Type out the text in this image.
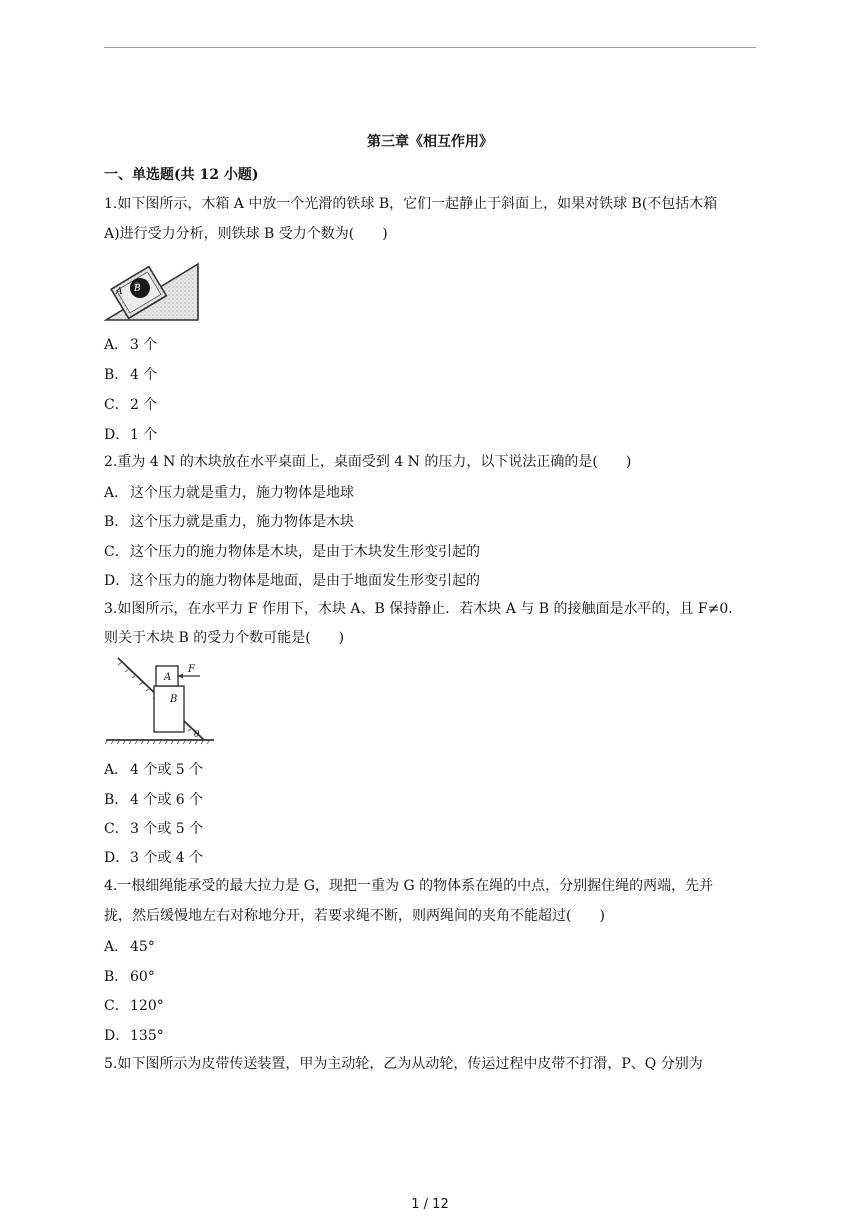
第三章《相互作用》
一、单选题(共 12 小题)
1.如下图所示，木箱 A 中放一个光滑的铁球 B，它们一起静止于斜面上，如果对铁球 B(不包括木箱
A)进行受力分析，则铁球 B 受力个数为(　　)
A B
A． 3 个
B． 4 个
C．2 个
D．1 个
2.重为 4 N 的木块放在水平桌面上，桌面受到 4 N 的压力，以下说法正确的是(　　)
A． 这个压力就是重力，施力物体是地球
B． 这个压力就是重力，施力物体是木块
C．这个压力的施力物体是木块，是由于木块发生形变引起的
D．这个压力的施力物体是地面，是由于地面发生形变引起的
3.如图所示，在水平力 F 作用下，木块 A、B 保持静止．若木块 A 与 B 的接触面是水平的，且 F≠0.
则关于木块 B 的受力个数可能是(　　)
A
F
B
θ
A． 4 个或 5 个
B． 4 个或 6 个
C．3 个或 5 个
D．3 个或 4 个
4.一根细绳能承受的最大拉力是 G，现把一重为 G 的物体系在绳的中点，分别握住绳的两端，先并
拢，然后缓慢地左右对称地分开，若要求绳不断，则两绳间的夹角不能超过(　　)
A． 45°
B． 60°
C．120°
D．135°
5.如下图所示为皮带传送装置，甲为主动轮，乙为从动轮，传运过程中皮带不打滑，P、Q 分别为
1 / 12
